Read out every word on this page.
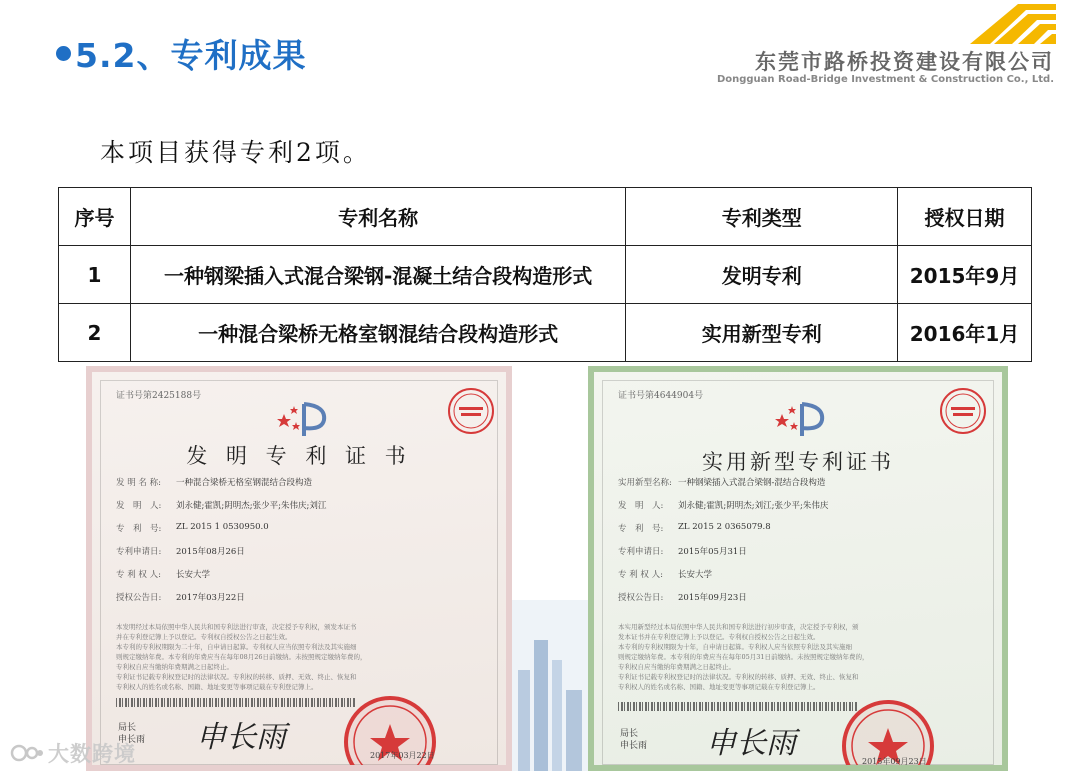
5.2、专利成果	东莞市路桥投资建设有限公司
Dongguan Road-Bridge Investment & Construction Co., Ltd.
本项目获得专利2项。
序号	专利名称	专利类型	授权日期
1	一种钢梁插入式混合梁钢-混凝土结合段构造形式	发明专利	2015年9月
2	一种混合梁桥无格室钢混结合段构造形式	实用新型专利	2016年1月
证书号第2425188号
发 明 专 利 证 书
发 明 名 称:	一种混合梁桥无格室钢混结合段构造
发　明　人:	刘永健;霍凯;阴明杰;张少平;朱伟庆;刘江
专　利　号:	ZL 2015 1 0530950.0
专利申请日:	2015年08月26日
专 利 权 人:	长安大学
授权公告日:	2017年03月22日
本发明经过本局依照中华人民共和国专利法进行审查，决定授予专利权，颁发本证书
并在专利登记簿上予以登记。专利权自授权公告之日起生效。
本专利的专利权期限为二十年，自申请日起算。专利权人应当依照专利法及其实施细
则规定缴纳年费。本专利的年费应当在每年08月26日前缴纳。未按照规定缴纳年费的，
专利权自应当缴纳年费期满之日起终止。
专利证书记载专利权登记时的法律状况。专利权的转移、质押、无效、终止、恢复和
专利权人的姓名或名称、国籍、地址变更等事项记载在专利登记簿上。
局长
申长雨 申长雨
2017年03月22日
证书号第4644904号
实用新型专利证书
实用新型名称: 一种钢梁插入式混合梁钢-混结合段构造
发　明　人:	刘永健;霍凯;阴明杰;刘江;张少平;朱伟庆
专　利　号:	ZL 2015 2 0365079.8
专利申请日:	2015年05月31日
专 利 权 人:	长安大学
授权公告日:	2015年09月23日
本实用新型经过本局依照中华人民共和国专利法进行初步审查，决定授予专利权，颁
发本证书并在专利登记簿上予以登记。专利权自授权公告之日起生效。
本专利的专利权期限为十年，自申请日起算。专利权人应当依照专利法及其实施细
则规定缴纳年费。本专利的年费应当在每年05月31日前缴纳。未按照规定缴纳年费的，
专利权自应当缴纳年费期满之日起终止。
专利证书记载专利权登记时的法律状况。专利权的转移、质押、无效、终止、恢复和
专利权人的姓名或名称、国籍、地址变更等事项记载在专利登记簿上。
局长
申长雨 申长雨
2015年09月23日
大数跨境
